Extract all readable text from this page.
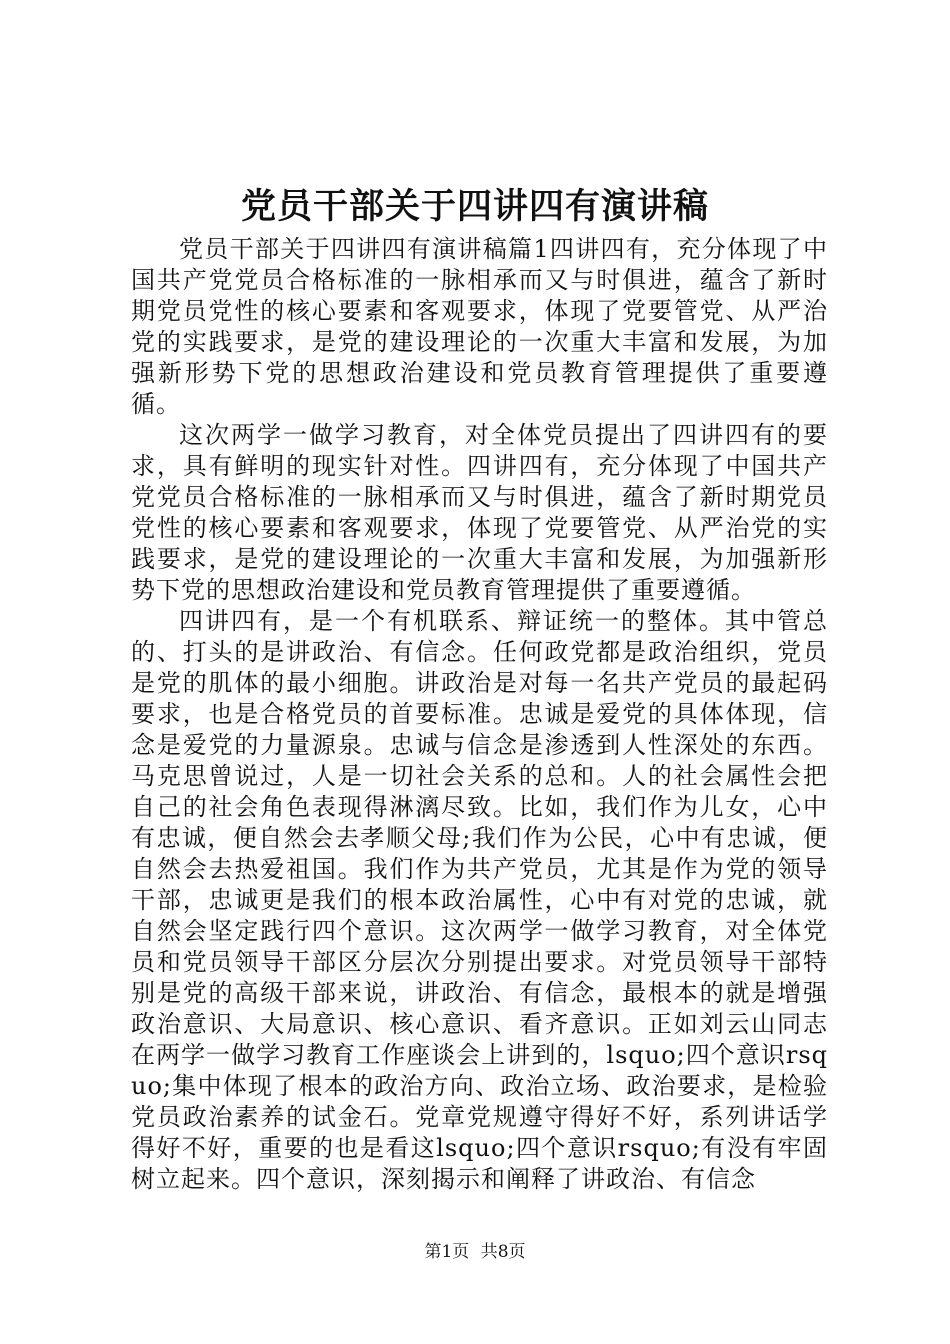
党员干部关于四讲四有演讲稿

党员干部关于四讲四有演讲稿篇1四讲四有，充分体现了中国共产党党员合格标准的一脉相承而又与时俱进，蕴含了新时期党员党性的核心要素和客观要求，体现了党要管党、从严治党的实践要求，是党的建设理论的一次重大丰富和发展，为加强新形势下党的思想政治建设和党员教育管理提供了重要遵循。

这次两学一做学习教育，对全体党员提出了四讲四有的要求，具有鲜明的现实针对性。四讲四有，充分体现了中国共产党党员合格标准的一脉相承而又与时俱进，蕴含了新时期党员党性的核心要素和客观要求，体现了党要管党、从严治党的实践要求，是党的建设理论的一次重大丰富和发展，为加强新形势下党的思想政治建设和党员教育管理提供了重要遵循。

四讲四有，是一个有机联系、辩证统一的整体。其中管总的、打头的是讲政治、有信念。任何政党都是政治组织，党员是党的肌体的最小细胞。讲政治是对每一名共产党员的最起码要求，也是合格党员的首要标准。忠诚是爱党的具体体现，信念是爱党的力量源泉。忠诚与信念是渗透到人性深处的东西。马克思曾说过，人是一切社会关系的总和。人的社会属性会把自己的社会角色表现得淋漓尽致。比如，我们作为儿女，心中有忠诚，便自然会去孝顺父母;我们作为公民，心中有忠诚，便自然会去热爱祖国。我们作为共产党员，尤其是作为党的领导干部，忠诚更是我们的根本政治属性，心中有对党的忠诚，就自然会坚定践行四个意识。这次两学一做学习教育，对全体党员和党员领导干部区分层次分别提出要求。对党员领导干部特别是党的高级干部来说，讲政治、有信念，最根本的就是增强政治意识、大局意识、核心意识、看齐意识。正如刘云山同志在两学一做学习教育工作座谈会上讲到的，lsquo;四个意识rsquo;集中体现了根本的政治方向、政治立场、政治要求，是检验党员政治素养的试金石。党章党规遵守得好不好，系列讲话学得好不好，重要的也是看这lsquo;四个意识rsquo;有没有牢固树立起来。四个意识，深刻揭示和阐释了讲政治、有信念

第1页 共8页
